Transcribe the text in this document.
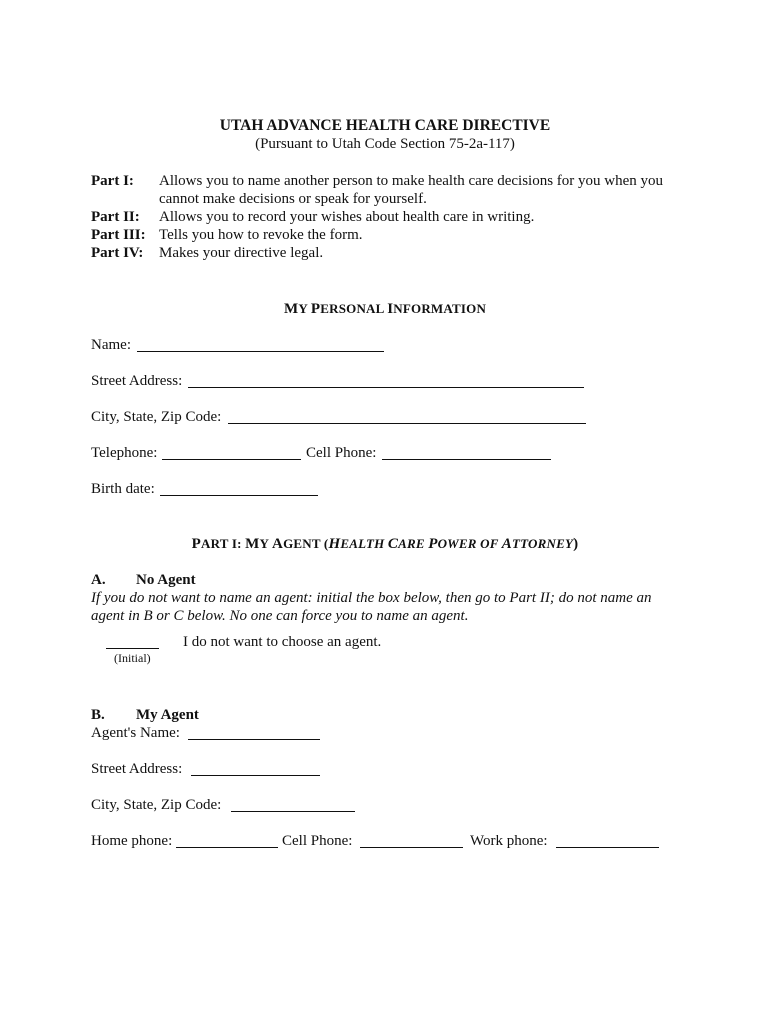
UTAH ADVANCE HEALTH CARE DIRECTIVE
(Pursuant to Utah Code Section 75-2a-117)
Part I: Allows you to name another person to make health care decisions for you when you
cannot make decisions or speak for yourself.
Part II: Allows you to record your wishes about health care in writing.
Part III: Tells you how to revoke the form.
Part IV: Makes your directive legal.
MY PERSONAL INFORMATION
Name:
Street Address:
City, State, Zip Code:
Telephone:	Cell Phone:
Birth date:
PART I: MY AGENT (HEALTH CARE POWER OF ATTORNEY)
A. No Agent
If you do not want to name an agent: initial the box below, then go to Part II; do not name an
agent in B or C below. No one can force you to name an agent.
I do not want to choose an agent.
(Initial)
B. My Agent
Agent's Name:
Street Address:
City, State, Zip Code:
Home phone:	Cell Phone:	Work phone:
